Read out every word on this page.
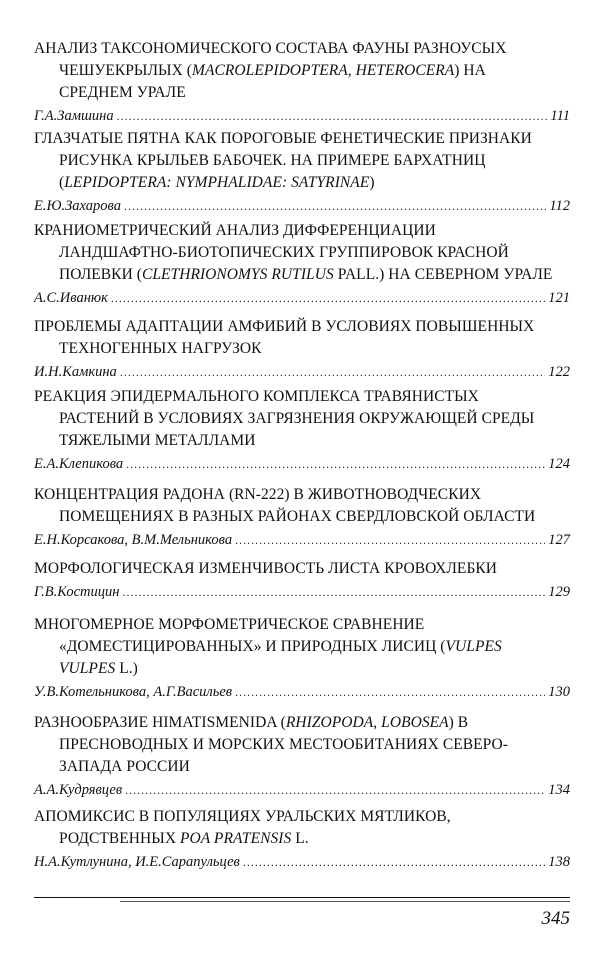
АНАЛИЗ ТАКСОНОМИЧЕСКОГО СОСТАВА ФАУНЫ РАЗНОУСЫХ
ЧЕШУЕКРЫЛЫХ (MACROLEPIDOPTERA, HETEROCERA) НА
СРЕДНЕМ УРАЛЕ
Г.А.Замшина . . .	111
ГЛАЗЧАТЫЕ ПЯТНА КАК ПОРОГОВЫЕ ФЕНЕТИЧЕСКИЕ ПРИЗНАКИ
РИСУНКА КРЫЛЬЕВ БАБОЧЕК. НА ПРИМЕРЕ БАРХАТНИЦ
(LEPIDOPTERA: NYMPHALIDAE: SATYRINAE)
Е.Ю.Захарова . . .	112
КРАНИОМЕТРИЧЕСКИЙ АНАЛИЗ ДИФФЕРЕНЦИАЦИИ
ЛАНДШАФТНО-БИОТОПИЧЕСКИХ ГРУППИРОВОК КРАСНОЙ
ПОЛЕВКИ (CLETHRIONOMYS RUTILUS PALL.) НА СЕВЕРНОМ УРАЛЕ
А.С.Иванюк . . .	121
ПРОБЛЕМЫ АДАПТАЦИИ АМФИБИЙ В УСЛОВИЯХ ПОВЫШЕННЫХ
ТЕХНОГЕННЫХ НАГРУЗОК
И.Н.Камкина . . .	122
РЕАКЦИЯ ЭПИДЕРМАЛЬНОГО КОМПЛЕКСА ТРАВЯНИСТЫХ
РАСТЕНИЙ В УСЛОВИЯХ ЗАГРЯЗНЕНИЯ ОКРУЖАЮЩЕЙ СРЕДЫ
ТЯЖЕЛЫМИ МЕТАЛЛАМИ
Е.А.Клепикова . . .	124
КОНЦЕНТРАЦИЯ РАДОНА (RN-222) В ЖИВОТНОВОДЧЕСКИХ
ПОМЕЩЕНИЯХ В РАЗНЫХ РАЙОНАХ СВЕРДЛОВСКОЙ ОБЛАСТИ
Е.Н.Корсакова, В.М.Мельникова . . .	127
МОРФОЛОГИЧЕСКАЯ ИЗМЕНЧИВОСТЬ ЛИСТА КРОВОХЛЕБКИ
Г.В.Костицин . . .	129
МНОГОМЕРНОЕ МОРФОМЕТРИЧЕСКОЕ СРАВНЕНИЕ
«ДОМЕСТИЦИРОВАННЫХ» И ПРИРОДНЫХ ЛИСИЦ (VULPES
VULPES L.)
У.В.Котельникова, А.Г.Васильев . . .	130
РАЗНООБРАЗИЕ HIMATISMENIDA (RHIZOPODA, LOBOSEA) В
ПРЕСНОВОДНЫХ И МОРСКИХ МЕСТООБИТАНИЯХ СЕВЕРО-
ЗАПАДА РОССИИ
А.А.Кудрявцев . . .	134
АПОМИКСИС В ПОПУЛЯЦИЯХ УРАЛЬСКИХ МЯТЛИКОВ,
РОДСТВЕННЫХ POA PRATENSIS L.
Н.А.Кутлунина, И.Е.Сарапульцев . . .	138
345
